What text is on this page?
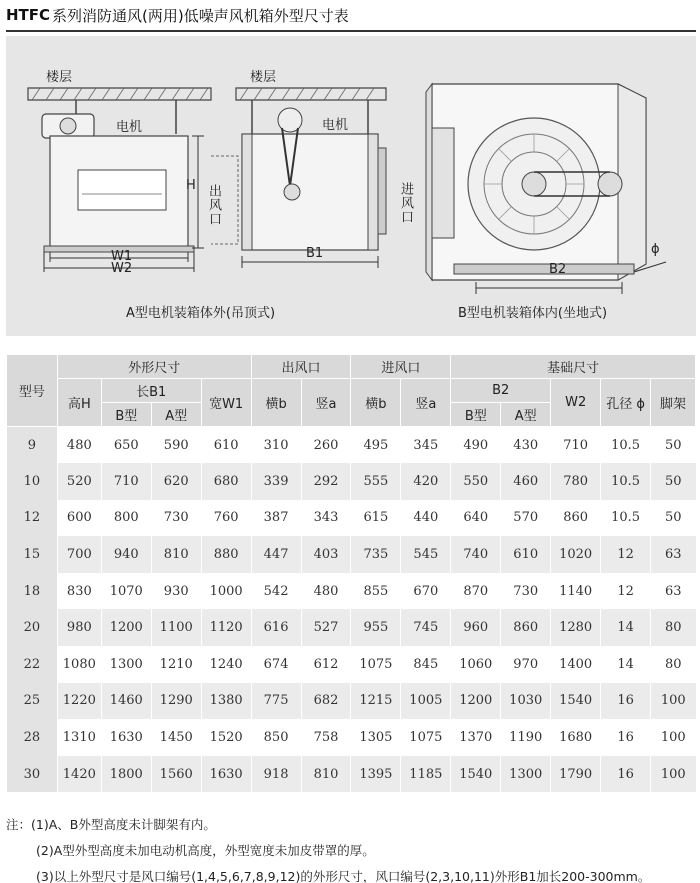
HTFC 系列消防通风(两用)低噪声风机箱外型尺寸表
楼层
电机
H 出风口
W1
W2
A型电机装箱体外(吊顶式)
楼层
电机
进风口
B1
B2
ϕ
B型电机装箱体内(坐地式)
型号	外形尺寸				出风口		进风口		基础尺寸				
	高H	长B1		宽W1	横b	竖a	横b	竖a	B2		W2	孔径 ϕ	脚架
		B型	A型						B型	A型			
9	480	650	590	610	310	260	495	345	490	430	710	10.5	50
10	520	710	620	680	339	292	555	420	550	460	780	10.5	50
12	600	800	730	760	387	343	615	440	640	570	860	10.5	50
15	700	940	810	880	447	403	735	545	740	610	1020	12	63
18	830	1070	930	1000	542	480	855	670	870	730	1140	12	63
20	980	1200	1100	1120	616	527	955	745	960	860	1280	14	80
22	1080	1300	1210	1240	674	612	1075	845	1060	970	1400	14	80
25	1220	1460	1290	1380	775	682	1215	1005	1200	1030	1540	16	100
28	1310	1630	1450	1520	850	758	1305	1075	1370	1190	1680	16	100
30	1420	1800	1560	1630	918	810	1395	1185	1540	1300	1790	16	100
注：(1)A、B外型高度未计脚架有内。
(2)A型外型高度未加电动机高度，外型宽度未加皮带罩的厚。
(3)以上外型尺寸是风口编号(1,4,5,6,7,8,9,12)的外形尺寸，风口编号(2,3,10,11)外形B1加长200-300mm。
